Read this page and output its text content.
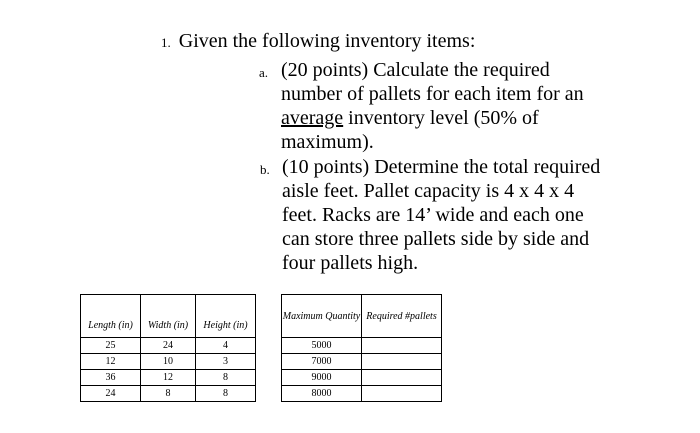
1. Given the following inventory items:
a. (20 points) Calculate the required
number of pallets for each item for an
average inventory level (50% of
maximum).
b. (10 points) Determine the total required
aisle feet. Pallet capacity is 4 x 4 x 4
feet. Racks are 14’ wide and each one
can store three pallets side by side and
four pallets high.
Length (in)	Width (in)	Height (in)		Maximum Quantity	Required #pallets
25	24	4		5000	
12	10	3		7000	
36	12	8		9000	
24	8	8		8000	
